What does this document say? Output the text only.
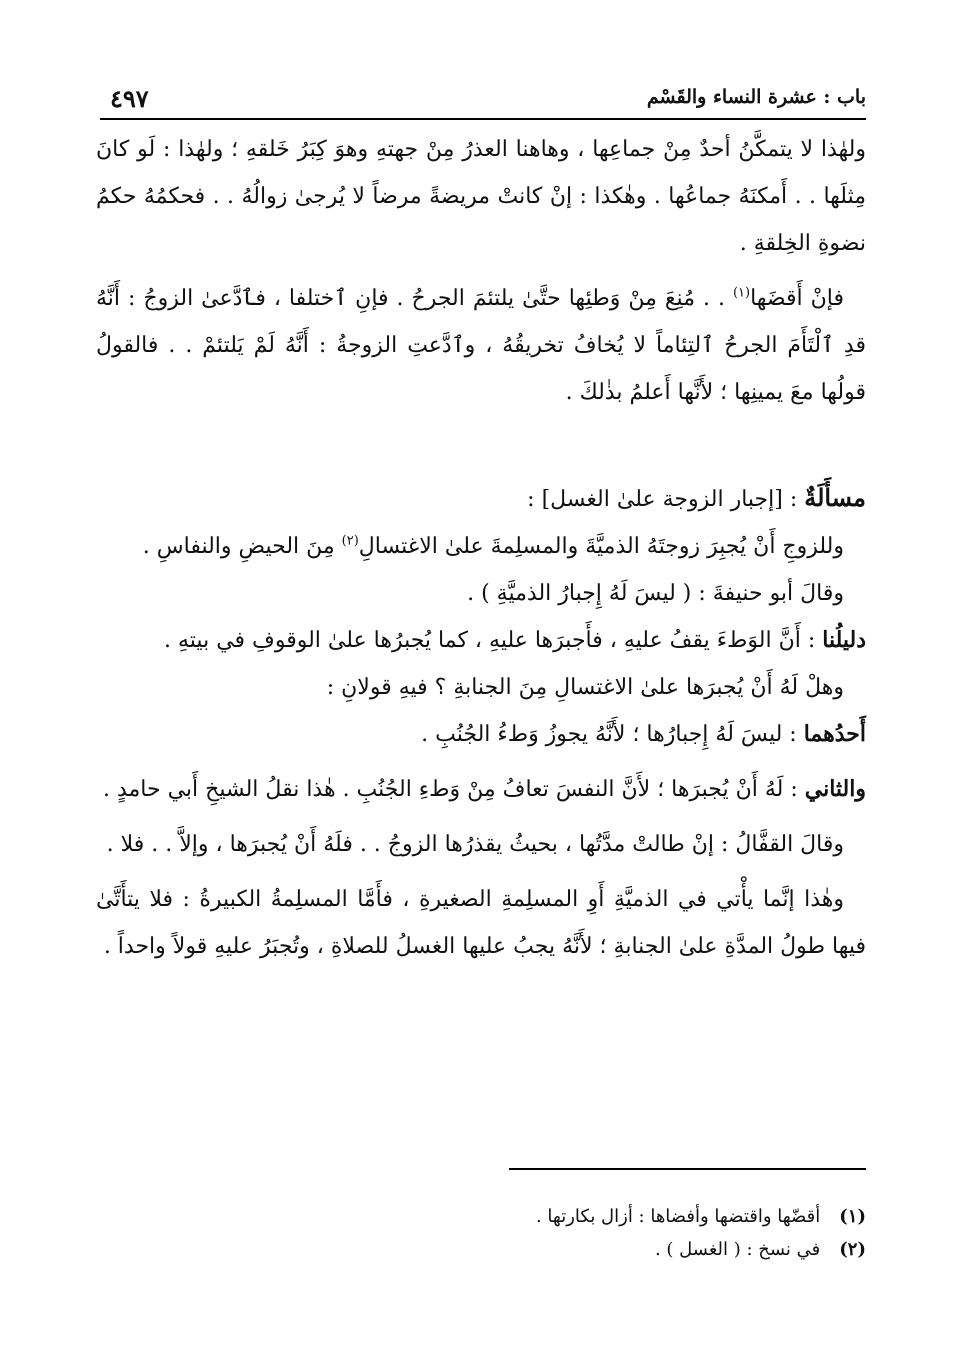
باب : عشرة النساء والقَسْم
٤٩٧

ولهٰذا لا يتمكَّنُ أحدٌ مِنْ جماعِها ، وهاهنا العذرُ مِنْ جهتهِ وهوَ كِبَرُ خَلقهِ ؛ ولهٰذا : لَو كانَ مِثلَها . . أَمكنَهُ جماعُها . وهٰكذا : إنْ كانتْ مريضةً مرضاً لا يُرجىٰ زوالُهُ . . فحكمُهُ حكمُ نضوةِ الخِلقةِ .

فإنْ أَقضَها$^{(١)}$ . . مُنِعَ مِنْ وَطئِها حتَّىٰ يلتئمَ الجرحُ . فإنِ ٱختلفا ، فٱدَّعىٰ الزوجُ : أَنَّهُ قدِ ٱلْتَأَمَ الجرحُ ٱلتِئاماً لا يُخافُ تخريقُهُ ، وٱدَّعتِ الزوجةُ : أَنَّهُ لَمْ يَلتئمْ . . فالقولُ قولُها معَ يمينِها ؛ لأَنَّها أَعلمُ بذٰلكَ .

مسأَلَةٌ : [إجبار الزوجة علىٰ الغسل] :

وللزوجِ أَنْ يُجبِرَ زوجتَهُ الذميَّةَ والمسلِمةَ علىٰ الاغتسالِ$^{(٢)}$ مِنَ الحيضِ والنفاسِ .

وقالَ أبو حنيفةَ : ( ليسَ لَهُ إِجبارُ الذميَّةِ ) .

دليلُنا : أَنَّ الوَطءَ يقفُ عليهِ ، فأَجبرَها عليهِ ، كما يُجبرُها علىٰ الوقوفِ في بيتهِ .

وهلْ لَهُ أَنْ يُجبرَها علىٰ الاغتسالِ مِنَ الجنابةِ ؟ فيهِ قولانِ :

أَحدُهما : ليسَ لَهُ إِجبارُها ؛ لأَنَّهُ يجوزُ وَطءُ الجُنُبِ .

والثاني : لَهُ أَنْ يُجبرَها ؛ لأَنَّ النفسَ تعافُ مِنْ وَطءِ الجُنُبِ . هٰذا نقلُ الشيخِ أَبي حامدٍ .

وقالَ القفَّالُ : إنْ طالتْ مدَّتُها ، بحيثُ يقذرُها الزوجُ . . فلَهُ أَنْ يُجبرَها ، وإلاَّ . . فلا .

وهٰذا إنَّما يأْتي في الذميَّةِ أَوِ المسلِمةِ الصغيرةِ ، فأَمَّا المسلِمةُ الكبيرةُ : فلا يتأَتَّىٰ فيها طولُ المدَّةِ علىٰ الجنابةِ ؛ لأَنَّهُ يجبُ عليها الغسلُ للصلاةِ ، وتُجبَرُ عليهِ قولاً واحداً .

(١) أقضّها واقتضها وأفضاها : أزال بكارتها .
(٢) في نسخ : ( الغسل ) .
